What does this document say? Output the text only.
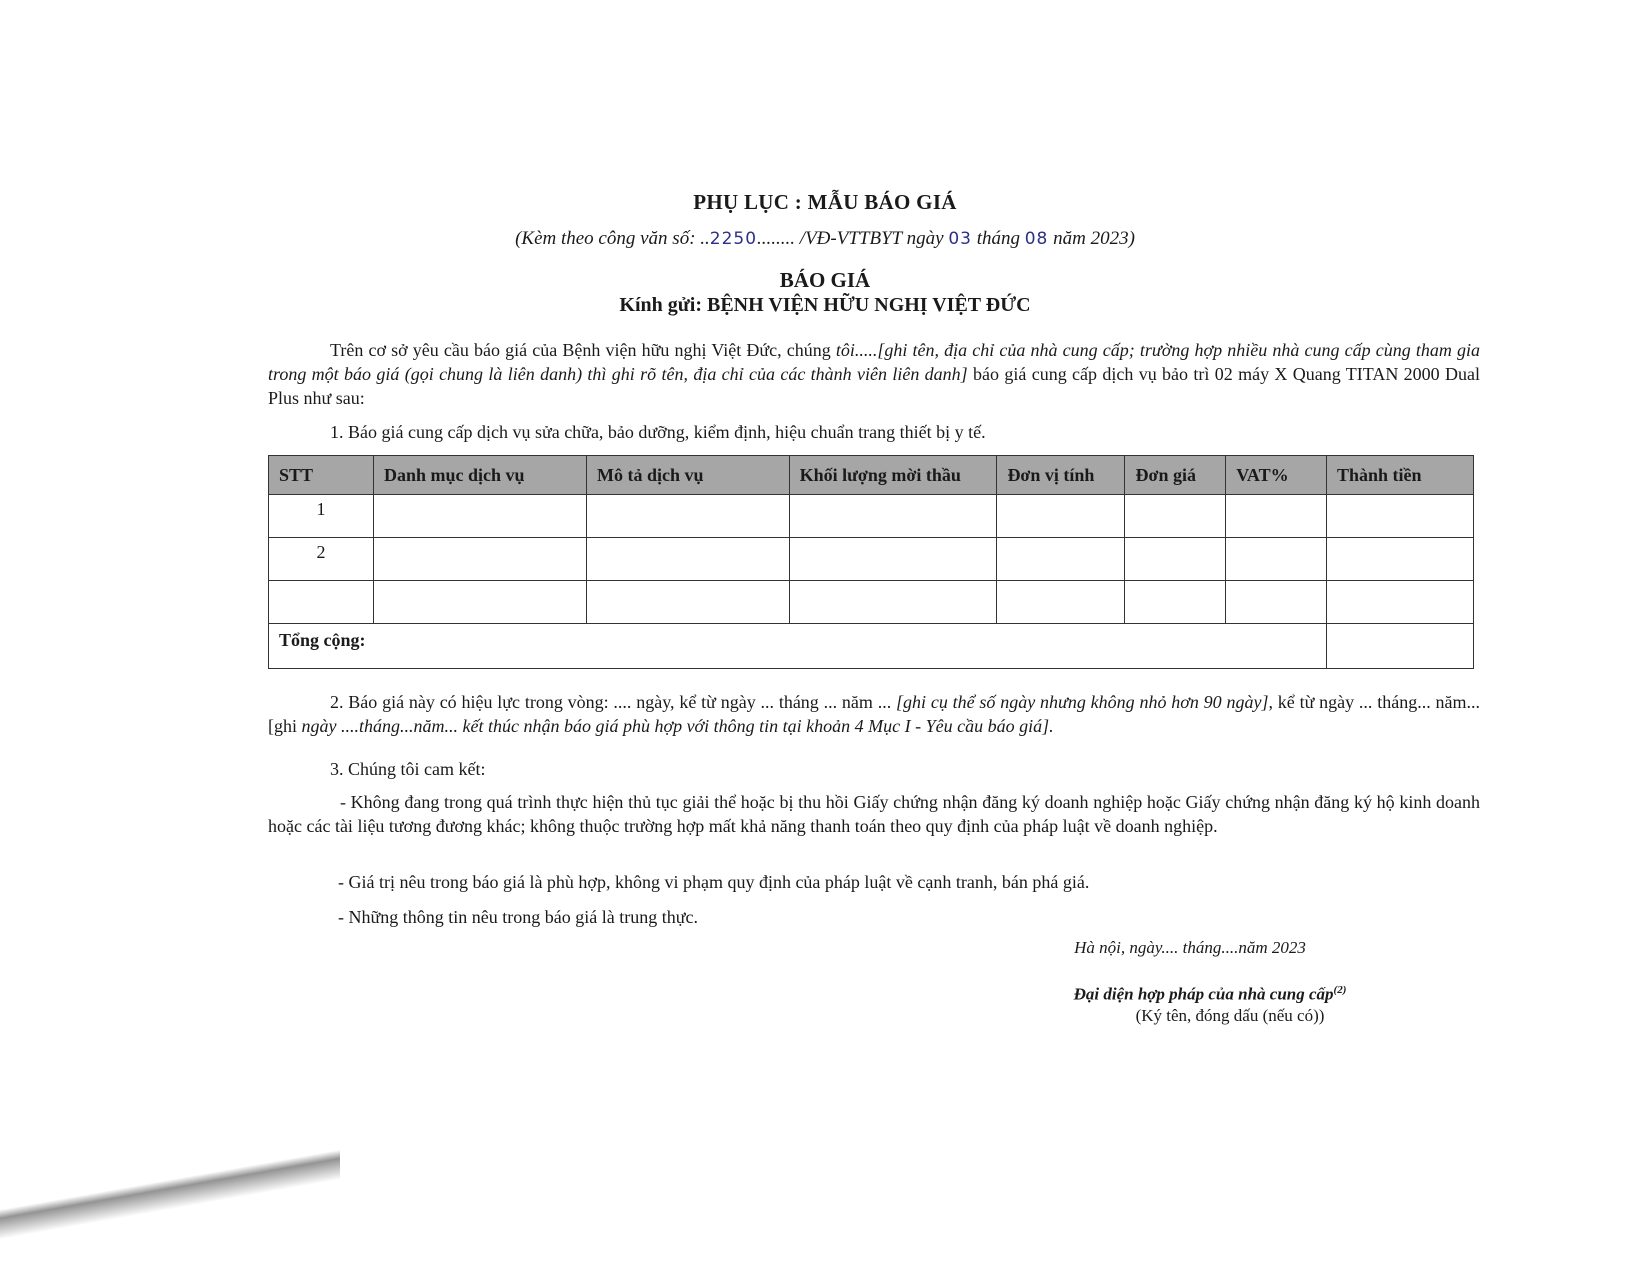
PHỤ LỤC : MẪU BÁO GIÁ
(Kèm theo công văn số: ..2250........ /VĐ-VTTBYT ngày 03 tháng 08 năm 2023)
BÁO GIÁ
Kính gửi: BỆNH VIỆN HỮU NGHỊ VIỆT ĐỨC
Trên cơ sở yêu cầu báo giá của Bệnh viện hữu nghị Việt Đức, chúng tôi.....[ghi tên, địa chỉ của nhà cung cấp; trường hợp nhiều nhà cung cấp cùng tham gia trong một báo giá (gọi chung là liên danh) thì ghi rõ tên, địa chỉ của các thành viên liên danh] báo giá cung cấp dịch vụ bảo trì 02 máy X Quang TITAN 2000 Dual Plus như sau:
1. Báo giá cung cấp dịch vụ sửa chữa, bảo dưỡng, kiểm định, hiệu chuẩn trang thiết bị y tế.
STT	Danh mục dịch vụ	Mô tả dịch vụ	Khối lượng mời thầu	Đơn vị tính	Đơn giá	VAT%	Thành tiền
1							
2							

Tổng cộng:							
2. Báo giá này có hiệu lực trong vòng: .... ngày, kể từ ngày ... tháng ... năm ... [ghi cụ thể số ngày nhưng không nhỏ hơn 90 ngày], kể từ ngày ... tháng... năm...[ghi ngày ....tháng...năm... kết thúc nhận báo giá phù hợp với thông tin tại khoản 4 Mục I - Yêu cầu báo giá].
3. Chúng tôi cam kết:
- Không đang trong quá trình thực hiện thủ tục giải thể hoặc bị thu hồi Giấy chứng nhận đăng ký doanh nghiệp hoặc Giấy chứng nhận đăng ký hộ kinh doanh hoặc các tài liệu tương đương khác; không thuộc trường hợp mất khả năng thanh toán theo quy định của pháp luật về doanh nghiệp.
- Giá trị nêu trong báo giá là phù hợp, không vi phạm quy định của pháp luật về cạnh tranh, bán phá giá.
- Những thông tin nêu trong báo giá là trung thực.
Hà nội, ngày.... tháng....năm 2023
Đại diện hợp pháp của nhà cung cấp$^{(2)}$
(Ký tên, đóng dấu (nếu có))
